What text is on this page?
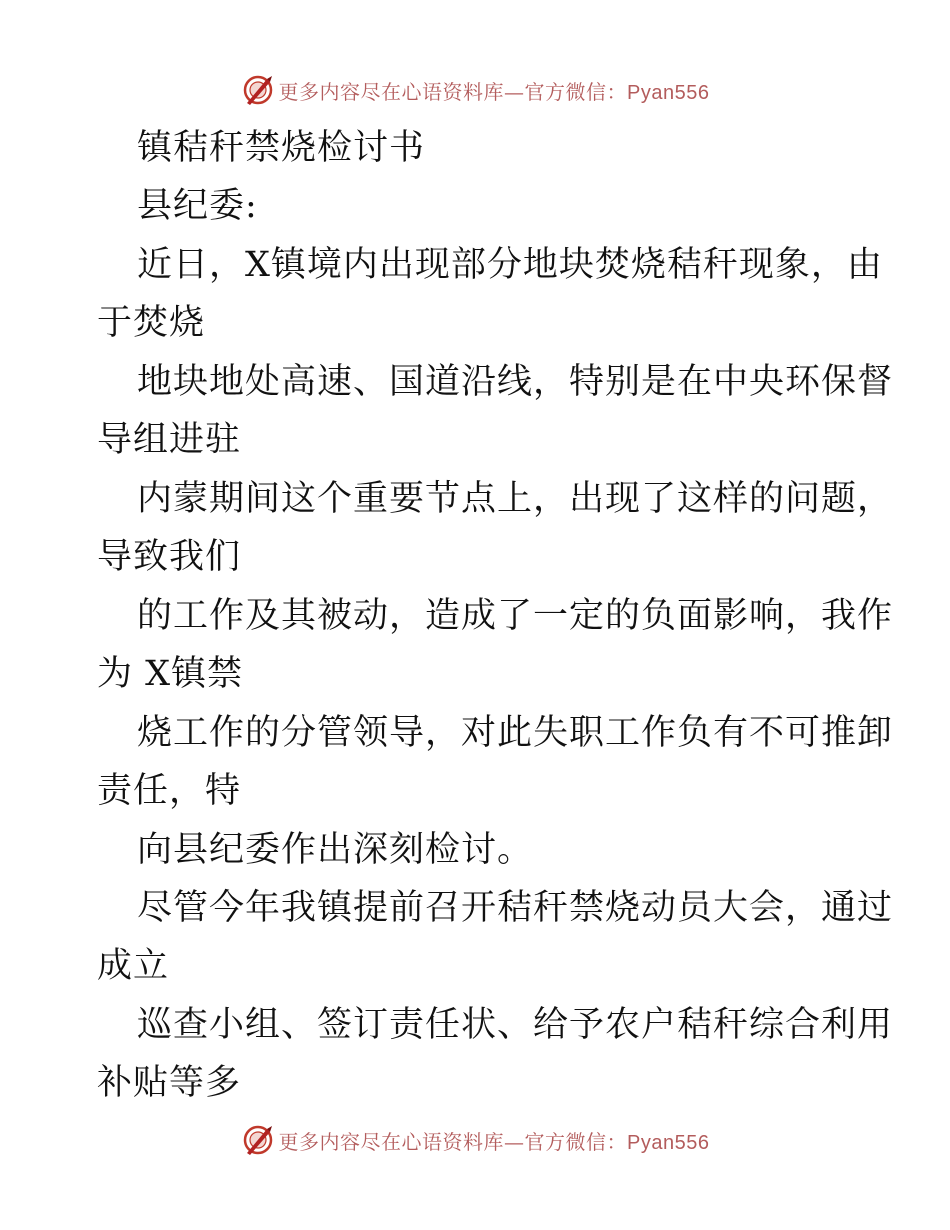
更多内容尽在心语资料库—官方微信：Pyan556
镇秸秆禁烧检讨书
县纪委:
近日，X镇境内出现部分地块焚烧秸秆现象，由
于焚烧
地块地处高速、国道沿线，特别是在中央环保督
导组进驻
内蒙期间这个重要节点上，出现了这样的问题，
导致我们
的工作及其被动，造成了一定的负面影响，我作
为 X镇禁
烧工作的分管领导，对此失职工作负有不可推卸
责任，特
向县纪委作出深刻检讨。
尽管今年我镇提前召开秸秆禁烧动员大会，通过
成立
巡查小组、签订责任状、给予农户秸秆综合利用
补贴等多
更多内容尽在心语资料库—官方微信：Pyan556
